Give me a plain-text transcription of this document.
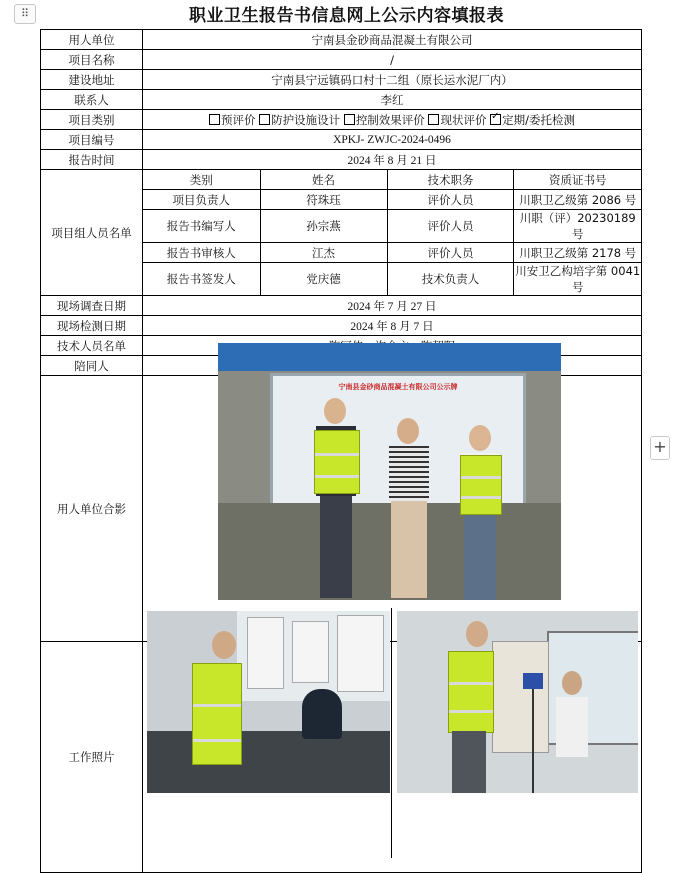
⠿	职业卫生报告书信息网上公示内容填报表
用人单位	宁南县金砂商品混凝土有限公司
项目名称	/
建设地址	宁南县宁远镇码口村十二组（原长运水泥厂内）
联系人	李红
项目类别	预评价 防护设施设计 控制效果评价 现状评价 ✓ 定期/委托检测
项目编号	XPKJ- ZWJC-2024-0496
报告时间	2024 年 8 月 21 日
项目组人员名单	
类别	姓名	技术职务	资质证书号
项目负责人	符珠珏	评价人员	川职卫乙级第 2086 号
报告书编写人	孙宗燕	评价人员	川职（评）20230189 号
报告书审核人	江杰	评价人员	川职卫乙级第 2178 号
报告书签发人	党庆德	技术负责人	川安卫乙构培字第 0041 号

现场调查日期	2024 年 7 月 27 日
现场检测日期	2024 年 8 月 7 日
技术人员名单	
陪同人	
用人单位合影	
工作照片	
宁南县金砂商品混凝土有限公司公示牌
+
